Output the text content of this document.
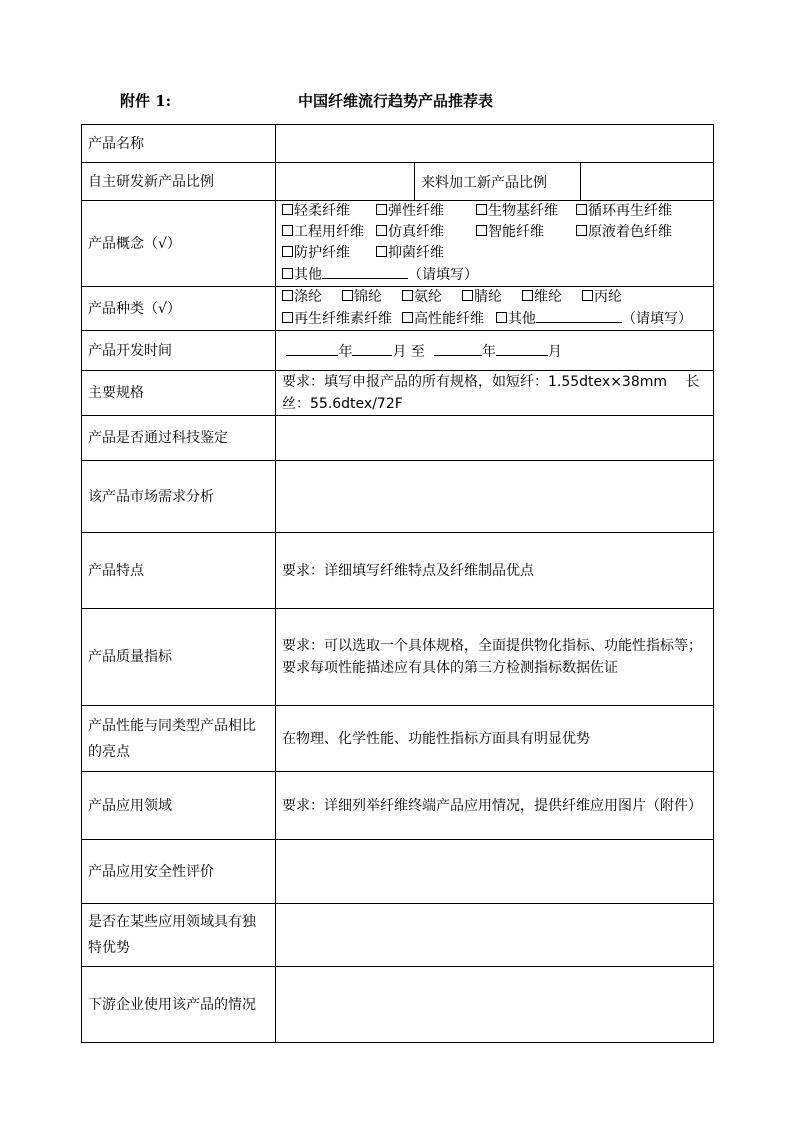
附件 1:	中国纤维流行趋势产品推荐表
产品名称			
自主研发新产品比例		来料加工新产品比例	
产品概念（√）	轻柔纤维 弹性纤维 生物基纤维 循环再生纤维
工程用纤维 仿真纤维 智能纤维 原液着色纤维
防护纤维 抑菌纤维
其他 （请填写）		

产品种类（√）	涤纶 锦纶 氨纶 腈纶 维纶 丙纶
再生纤维素纤维 高性能纤维 其他 （请填写）		

产品开发时间	年 月 至 年 月		
主要规格	要求：填写申报产品的所有规格，如短纤：1.55dtex×38mm　 长丝：55.6dtex/72F		
产品是否通过科技鉴定			
该产品市场需求分析			
产品特点	要求：详细填写纤维特点及纤维制品优点		
产品质量指标	要求：可以选取一个具体规格，全面提供物化指标、功能性指标等；要求每项性能描述应有具体的第三方检测指标数据佐证		
产品性能与同类型产品相比的亮点	在物理、化学性能、功能性指标方面具有明显优势		
产品应用领域	要求：详细列举纤维终端产品应用情况，提供纤维应用图片（附件）		
产品应用安全性评价			
是否在某些应用领域具有独特优势			
下游企业使用该产品的情况			
